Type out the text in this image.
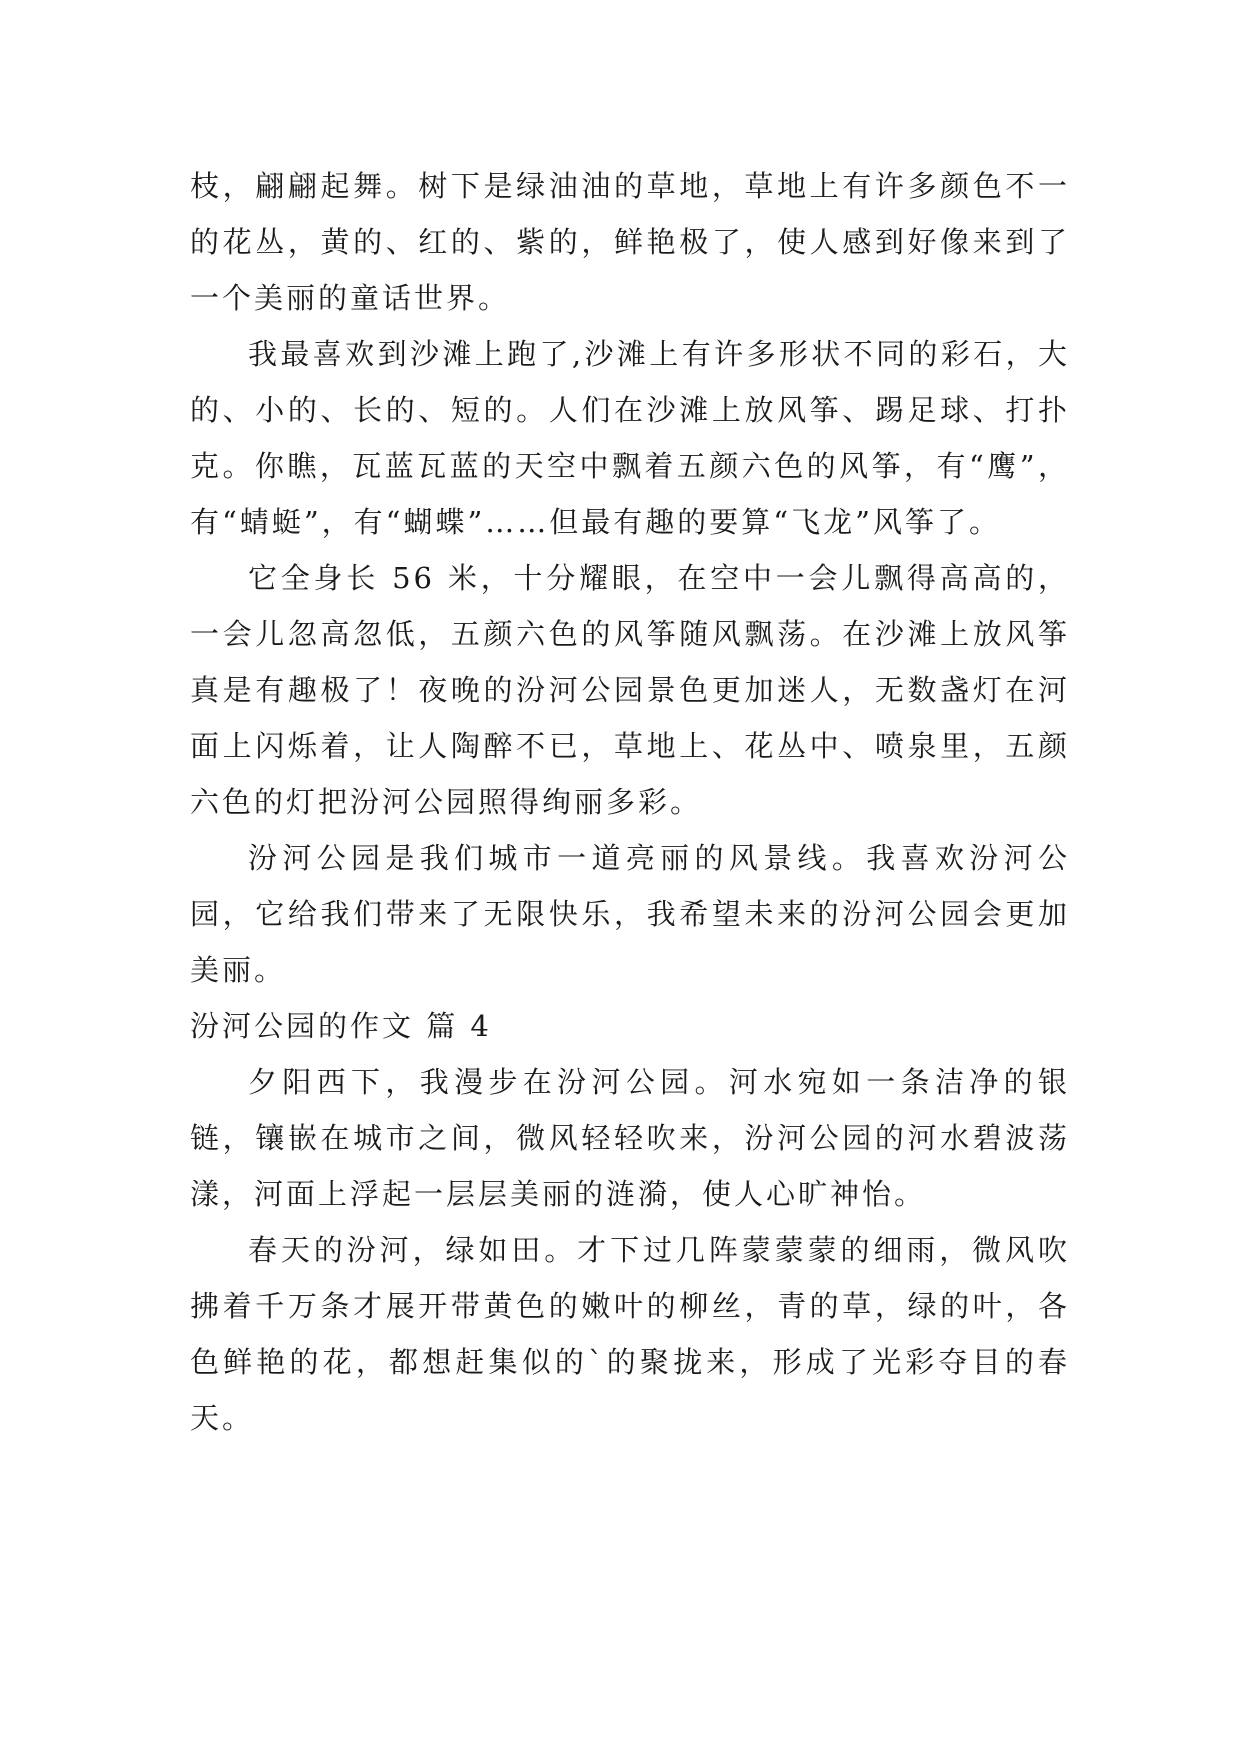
枝，翩翩起舞。树下是绿油油的草地，草地上有许多颜色不一的花丛，黄的、红的、紫的，鲜艳极了，使人感到好像来到了一个美丽的童话世界。

我最喜欢到沙滩上跑了,沙滩上有许多形状不同的彩石，大的、小的、长的、短的。人们在沙滩上放风筝、踢足球、打扑克。你瞧，瓦蓝瓦蓝的天空中飘着五颜六色的风筝，有“鹰”，有“蜻蜓”，有“蝴蝶”……但最有趣的要算“飞龙”风筝了。

它全身长 56 米，十分耀眼，在空中一会儿飘得高高的，一会儿忽高忽低，五颜六色的风筝随风飘荡。在沙滩上放风筝真是有趣极了！夜晚的汾河公园景色更加迷人，无数盏灯在河面上闪烁着，让人陶醉不已，草地上、花丛中、喷泉里，五颜六色的灯把汾河公园照得绚丽多彩。

汾河公园是我们城市一道亮丽的风景线。我喜欢汾河公园，它给我们带来了无限快乐，我希望未来的汾河公园会更加美丽。

汾河公园的作文 篇 4

夕阳西下，我漫步在汾河公园。河水宛如一条洁净的银链，镶嵌在城市之间，微风轻轻吹来，汾河公园的河水碧波荡漾，河面上浮起一层层美丽的涟漪，使人心旷神怡。

春天的汾河，绿如田。才下过几阵蒙蒙蒙的细雨，微风吹拂着千万条才展开带黄色的嫩叶的柳丝，青的草，绿的叶，各色鲜艳的花，都想赶集似的`的聚拢来，形成了光彩夺目的春天。
